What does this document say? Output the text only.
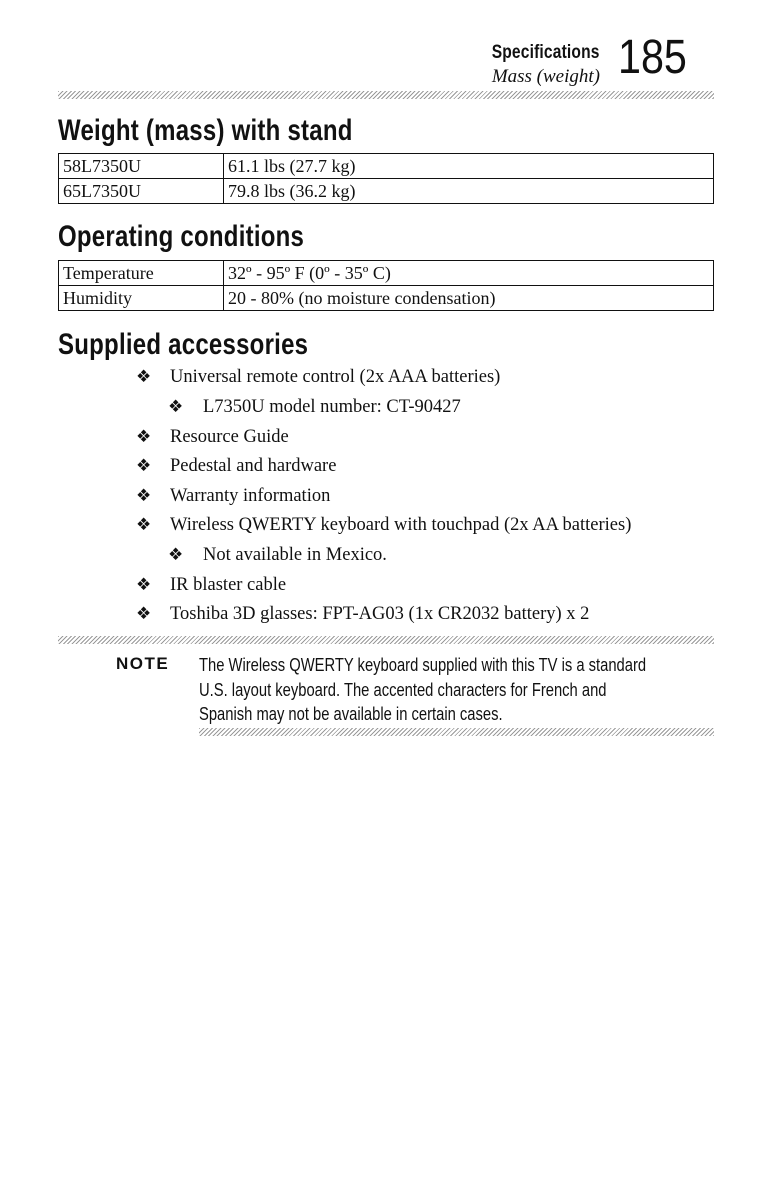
Specifications
Mass (weight) 185
Weight (mass) with stand
58L7350U	61.1 lbs (27.7 kg)
65L7350U	79.8 lbs (36.2 kg)
Operating conditions
Temperature	32º - 95º F (0º - 35º C)
Humidity	20 - 80% (no moisture condensation)
Supplied accessories
❖ Universal remote control (2x AAA batteries)
❖ L7350U model number: CT-90427
❖ Resource Guide
❖ Pedestal and hardware
❖ Warranty information
❖ Wireless QWERTY keyboard with touchpad (2x AA batteries)
❖ Not available in Mexico.
❖ IR blaster cable
❖ Toshiba 3D glasses: FPT-AG03 (1x CR2032 battery) x 2
NOTE The Wireless QWERTY keyboard supplied with this TV is a standard U.S. layout keyboard. The accented characters for French and Spanish may not be available in certain cases.
